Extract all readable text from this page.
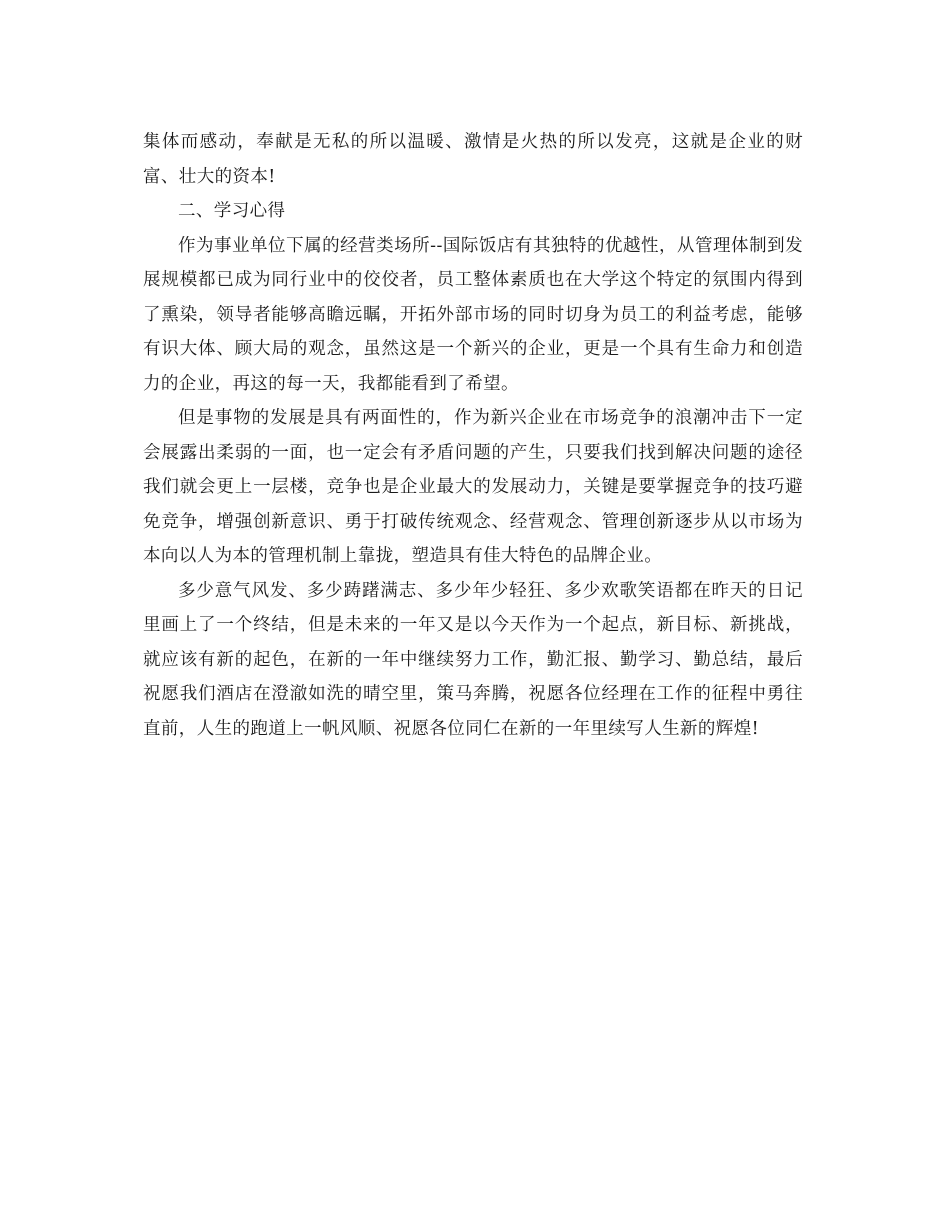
集体而感动，奉献是无私的所以温暖、激情是火热的所以发亮，这就是企业的财富、壮大的资本!

二、学习心得

作为事业单位下属的经营类场所--国际饭店有其独特的优越性，从管理体制到发展规模都已成为同行业中的佼佼者，员工整体素质也在大学这个特定的氛围内得到了熏染，领导者能够高瞻远瞩，开拓外部市场的同时切身为员工的利益考虑，能够有识大体、顾大局的观念，虽然这是一个新兴的企业，更是一个具有生命力和创造力的企业，再这的每一天，我都能看到了希望。

但是事物的发展是具有两面性的，作为新兴企业在市场竞争的浪潮冲击下一定会展露出柔弱的一面，也一定会有矛盾问题的产生，只要我们找到解决问题的途径我们就会更上一层楼，竞争也是企业最大的发展动力，关键是要掌握竞争的技巧避免竞争，增强创新意识、勇于打破传统观念、经营观念、管理创新逐步从以市场为本向以人为本的管理机制上靠拢，塑造具有佳大特色的品牌企业。

多少意气风发、多少踌躇满志、多少年少轻狂、多少欢歌笑语都在昨天的日记里画上了一个终结，但是未来的一年又是以今天作为一个起点，新目标、新挑战，就应该有新的起色，在新的一年中继续努力工作，勤汇报、勤学习、勤总结，最后祝愿我们酒店在澄澈如洗的晴空里，策马奔腾，祝愿各位经理在工作的征程中勇往直前，人生的跑道上一帆风顺、祝愿各位同仁在新的一年里续写人生新的辉煌!
